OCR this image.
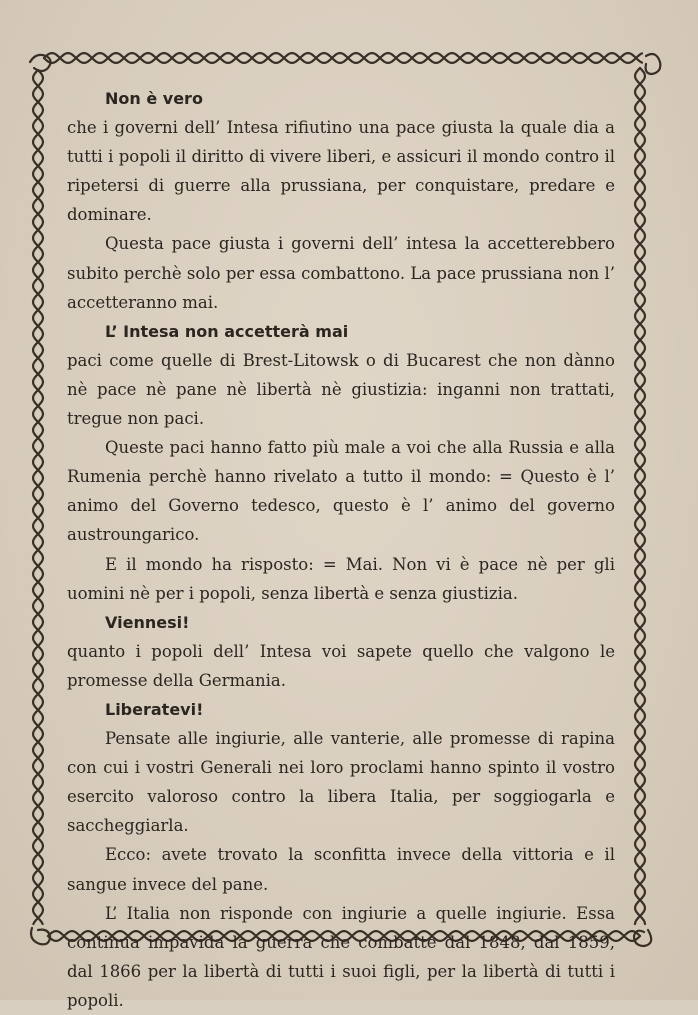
Non è vero

che i governi dell’ Intesa rifiutino una pace giusta la quale dia a tutti i popoli il diritto di vivere liberi, e assicuri il mondo contro il ripetersi di guerre alla prussiana, per conquistare, predare e dominare.

Questa pace giusta i governi dell’ intesa la accetterebbero subito perchè solo per essa combattono. La pace prussiana non l’ accetteranno mai.

L’ Intesa non accetterà mai

paci come quelle di Brest-Litowsk o di Bucarest che non dànno nè pace nè pane nè libertà nè giustizia: inganni non trattati, tregue non paci.

Queste paci hanno fatto più male a voi che alla Russia e alla Rumenia perchè hanno rivelato a tutto il mondo: = Questo è l’ animo del Governo tedesco, questo è l’ animo del governo austroungarico.

E il mondo ha risposto: = Mai. Non vi è pace nè per gli uomini nè per i popoli, senza libertà e senza giustizia.

Viennesi!

quanto i popoli dell’ Intesa voi sapete quello che valgono le promesse della Germania.

Liberatevi!

Pensate alle ingiurie, alle vanterie, alle promesse di rapina con cui i vostri Generali nei loro proclami hanno spinto il vostro esercito valoroso contro la libera Italia, per soggiogarla e saccheggiarla.

Ecco: avete trovato la sconfitta invece della vittoria e il sangue invece del pane.

L’ Italia non risponde con ingiurie a quelle ingiurie. Essa continua impavida la guerra che combatte dal 1848, dal 1859, dal 1866 per la libertà di tutti i suoi figli, per la libertà di tutti i popoli.
